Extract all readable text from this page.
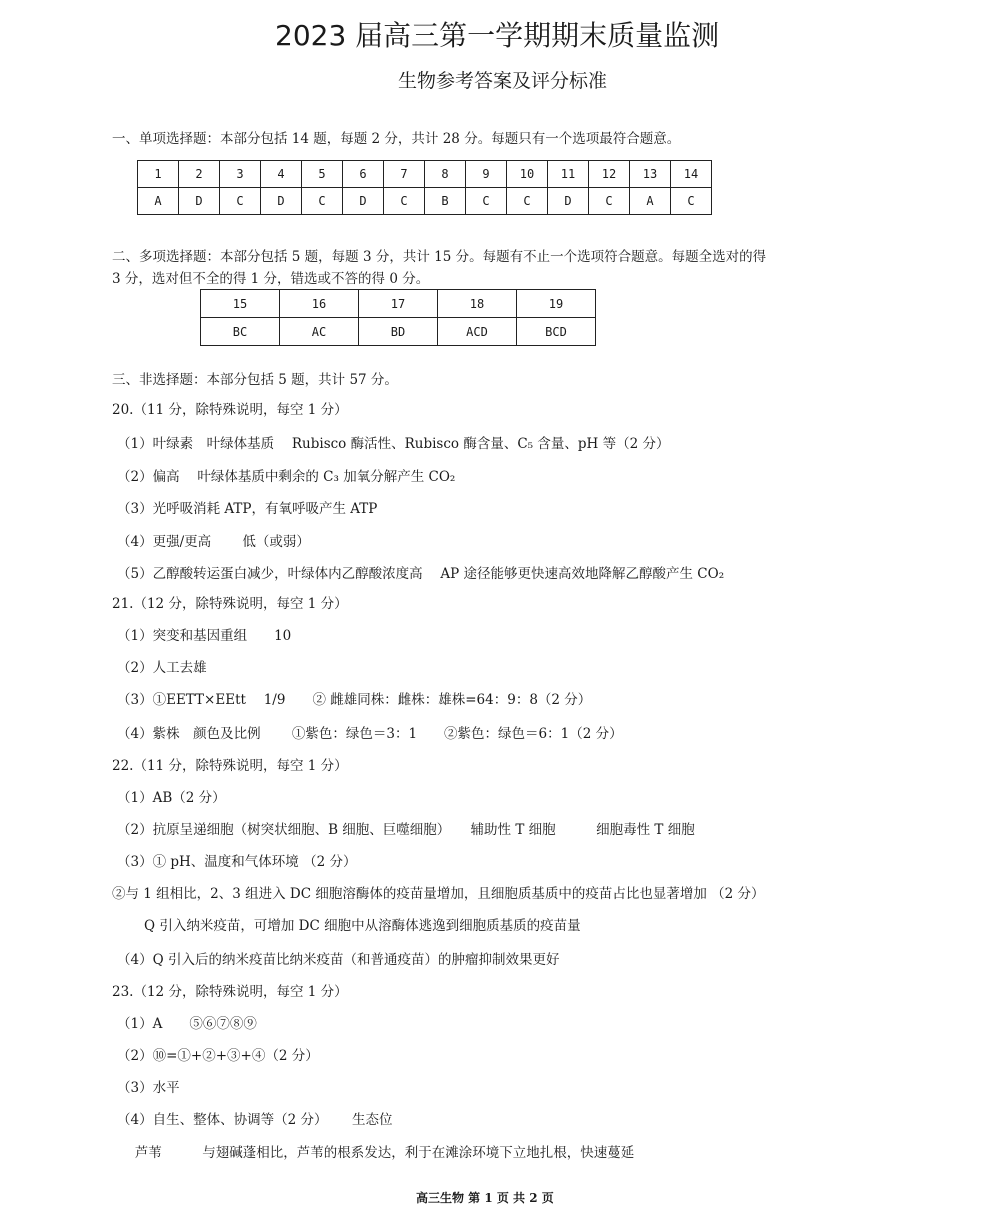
2023 届高三第一学期期末质量监测
生物参考答案及评分标准
一、单项选择题：本部分包括 14 题，每题 2 分，共计 28 分。每题只有一个选项最符合题意。
1	2	3	4	5	6	7	8	9	10	11	12	13	14
A	D	C	D	C	D	C	B	C	C	D	C	A	C
二、多项选择题：本部分包括 5 题，每题 3 分，共计 15 分。每题有不止一个选项符合题意。每题全选对的得
3 分，选对但不全的得 1 分，错选或不答的得 0 分。
15	16	17	18	19
BC	AC	BD	ACD	BCD
三、非选择题：本部分包括 5 题，共计 57 分。
20.（11 分，除特殊说明，每空 1 分）
（1）叶绿素　叶绿体基质　 Rubisco 酶活性、Rubisco 酶含量、C₅ 含量、pH 等（2 分）
（2）偏高　 叶绿体基质中剩余的 C₃ 加氧分解产生 CO₂
（3）光呼吸消耗 ATP，有氧呼吸产生 ATP
（4）更强/更高　　 低（或弱）
（5）乙醇酸转运蛋白减少，叶绿体内乙醇酸浓度高　 AP 途径能够更快速高效地降解乙醇酸产生 CO₂
21.（12 分，除特殊说明，每空 1 分）
（1）突变和基因重组　　10
（2）人工去雄
（3）①EETT×EEtt　 1/9　　② 雌雄同株：雌株：雄株=64：9：8（2 分）
（4）紫株　颜色及比例　　 ①紫色：绿色＝3：1　　②紫色：绿色＝6：1（2 分）
22.（11 分，除特殊说明，每空 1 分）
（1）AB（2 分）
（2）抗原呈递细胞（树突状细胞、B 细胞、巨噬细胞）　　辅助性 T 细胞　　　细胞毒性 T 细胞
（3）① pH、温度和气体环境 （2 分）
②与 1 组相比，2、3 组进入 DC 细胞溶酶体的疫苗量增加，且细胞质基质中的疫苗占比也显著增加 （2 分）
　　Q 引入纳米疫苗，可增加 DC 细胞中从溶酶体逃逸到细胞质基质的疫苗量
（4）Q 引入后的纳米疫苗比纳米疫苗（和普通疫苗）的肿瘤抑制效果更好
23.（12 分，除特殊说明，每空 1 分）
（1）A　　⑤⑥⑦⑧⑨
（2）⑩=①+②+③+④（2 分）
（3）水平
（4）自生、整体、协调等（2 分）　　 生态位
　 芦苇　　　与翅碱蓬相比，芦苇的根系发达，利于在滩涂环境下立地扎根，快速蔓延
高三生物 第 1 页 共 2 页
